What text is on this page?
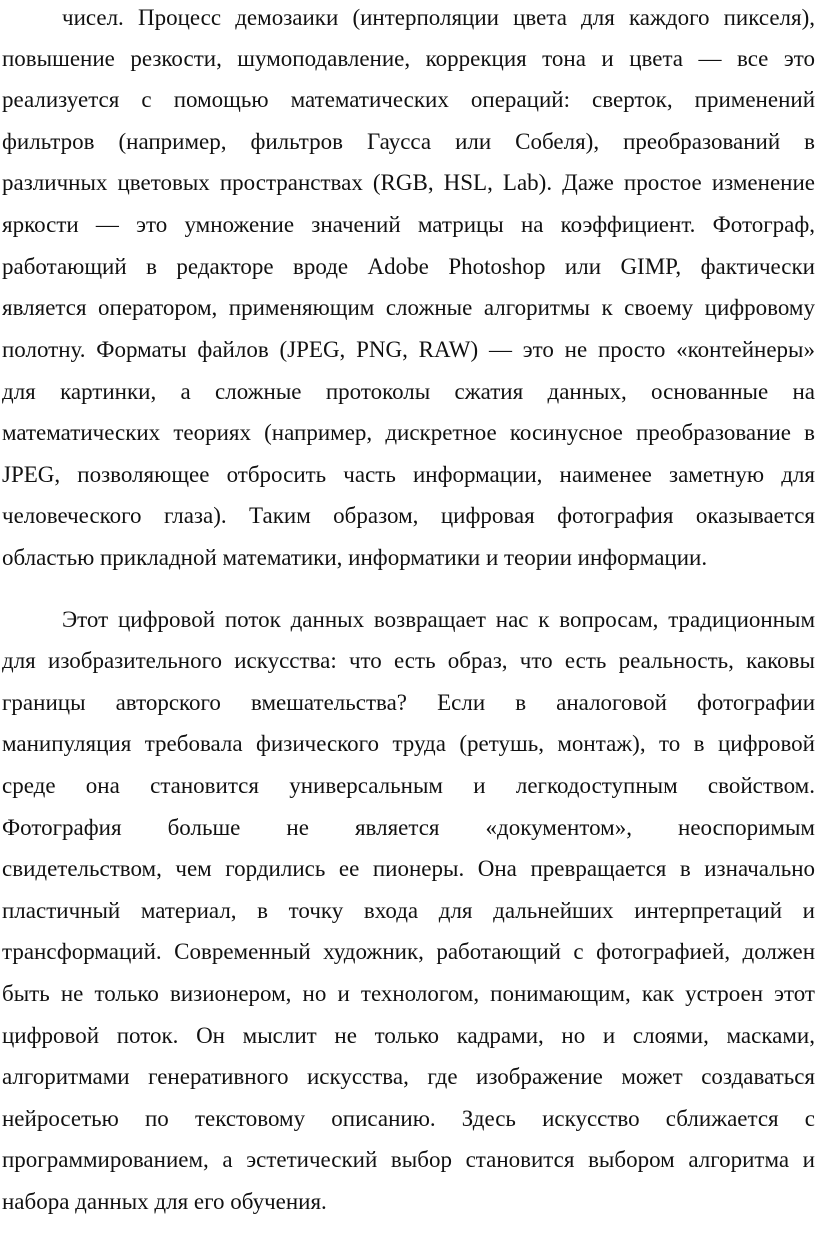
чисел. Процесс демозаики (интерполяции цвета для каждого пикселя),
повышение резкости, шумоподавление, коррекция тона и цвета — все это
реализуется с помощью математических операций: сверток, применений
фильтров (например, фильтров Гаусса или Собеля), преобразований в
различных цветовых пространствах (RGB, HSL, Lab). Даже простое изменение
яркости — это умножение значений матрицы на коэффициент. Фотограф,
работающий в редакторе вроде Adobe Photoshop или GIMP, фактически
является оператором, применяющим сложные алгоритмы к своему цифровому
полотну. Форматы файлов (JPEG, PNG, RAW) — это не просто «контейнеры»
для картинки, а сложные протоколы сжатия данных, основанные на
математических теориях (например, дискретное косинусное преобразование в
JPEG, позволяющее отбросить часть информации, наименее заметную для
человеческого глаза). Таким образом, цифровая фотография оказывается
областью прикладной математики, информатики и теории информации.
Этот цифровой поток данных возвращает нас к вопросам, традиционным
для изобразительного искусства: что есть образ, что есть реальность, каковы
границы авторского вмешательства? Если в аналоговой фотографии
манипуляция требовала физического труда (ретушь, монтаж), то в цифровой
среде она становится универсальным и легкодоступным свойством.
Фотография больше не является «документом», неоспоримым
свидетельством, чем гордились ее пионеры. Она превращается в изначально
пластичный материал, в точку входа для дальнейших интерпретаций и
трансформаций. Современный художник, работающий с фотографией, должен
быть не только визионером, но и технологом, понимающим, как устроен этот
цифровой поток. Он мыслит не только кадрами, но и слоями, масками,
алгоритмами генеративного искусства, где изображение может создаваться
нейросетью по текстовому описанию. Здесь искусство сближается с
программированием, а эстетический выбор становится выбором алгоритма и
набора данных для его обучения.
